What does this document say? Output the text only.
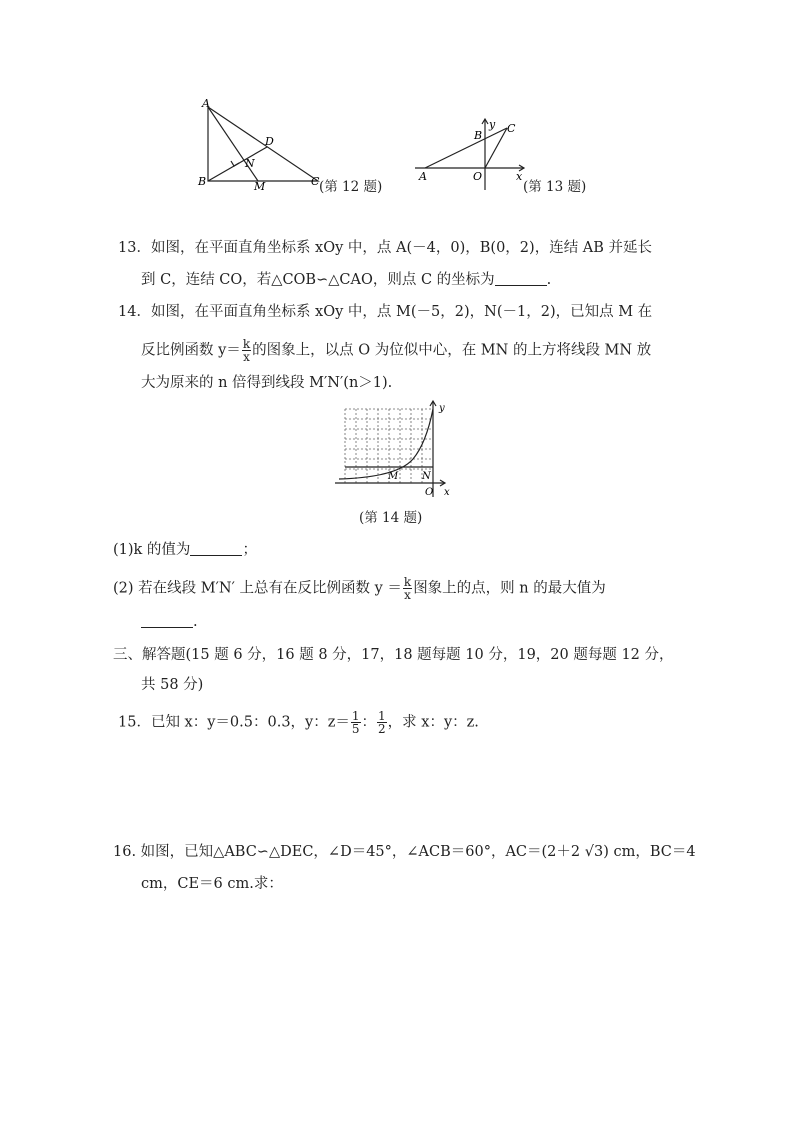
A
B	C
D
M
N
(第 12 题)
A
B
C
O	x
y
(第 13 题)
13．如图，在平面直角坐标系 xOy 中，点 A(－4，0)，B(0，2)，连结 AB 并延长
到 C，连结 CO，若△COB∽△CAO，则点 C 的坐标为	.
14．如图，在平面直角坐标系 xOy 中，点 M(－5，2)，N(－1，2)，已知点 M 在
反比例函数 $y= \frac{k}{x}$ 的图象上，以点 O 为位似中心，在 MN 的上方将线段 MN 放
大为原来的 n 倍得到线段 M′N′(n＞1).
M N
O x
y
(第 14 题)
(1)k 的值为	；
(2) 若在线段 M′N′ 上总有在反比例函数 $y = \frac{k}{x}$ 图象上的点，则 n 的最大值为
.
三、解答题(15 题 6 分，16 题 8 分，17，18 题每题 10 分，19，20 题每题 12 分，
共 58 分)
15．已知 x：y＝0.5：0.3，y：$z= \frac{1}{5}$ ： $\frac{1}{2}$ ，求 x：y：z.
16. 如图，已知△ABC∽△DEC，∠D＝45°，∠ACB＝60°，AC＝(2＋2 √3) cm，BC＝4
cm，CE＝6 cm.求：
